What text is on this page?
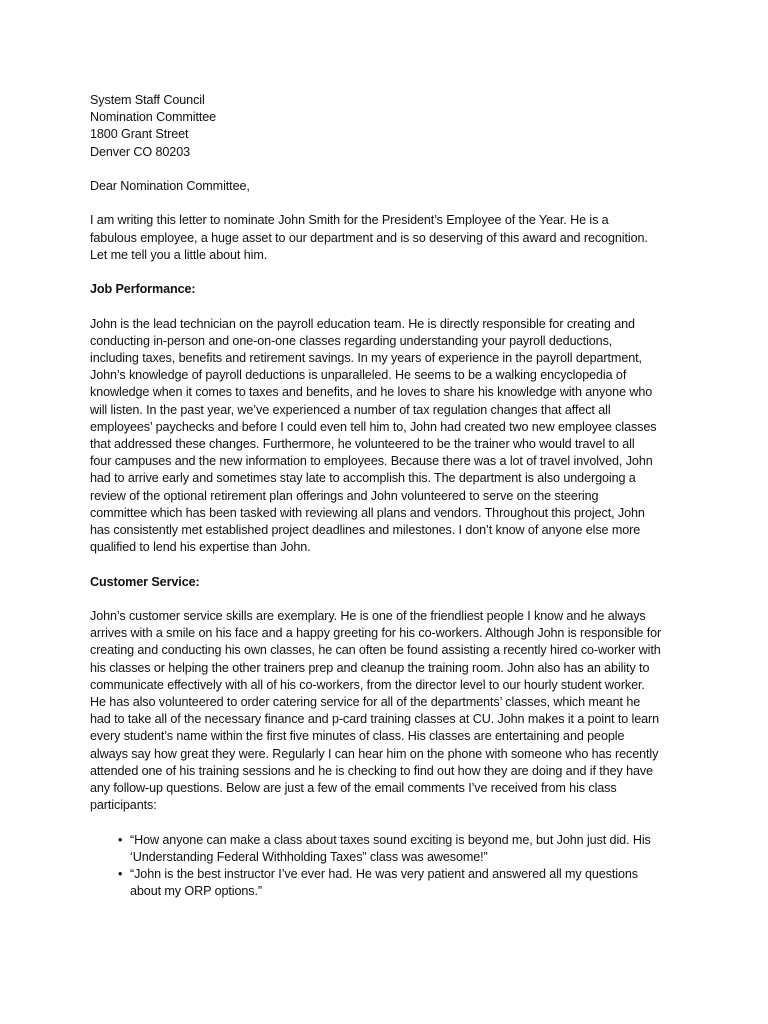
System Staff Council
Nomination Committee
1800 Grant Street
Denver CO 80203
Dear Nomination Committee,
I am writing this letter to nominate John Smith for the President’s Employee of the Year. He is a
fabulous employee, a huge asset to our department and is so deserving of this award and recognition.
Let me tell you a little about him.
Job Performance:
John is the lead technician on the payroll education team. He is directly responsible for creating and
conducting in-person and one-on-one classes regarding understanding your payroll deductions,
including taxes, benefits and retirement savings. In my years of experience in the payroll department,
John’s knowledge of payroll deductions is unparalleled. He seems to be a walking encyclopedia of
knowledge when it comes to taxes and benefits, and he loves to share his knowledge with anyone who
will listen. In the past year, we’ve experienced a number of tax regulation changes that affect all
employees’ paychecks and before I could even tell him to, John had created two new employee classes
that addressed these changes. Furthermore, he volunteered to be the trainer who would travel to all
four campuses and the new information to employees. Because there was a lot of travel involved, John
had to arrive early and sometimes stay late to accomplish this. The department is also undergoing a
review of the optional retirement plan offerings and John volunteered to serve on the steering
committee which has been tasked with reviewing all plans and vendors. Throughout this project, John
has consistently met established project deadlines and milestones. I don’t know of anyone else more
qualified to lend his expertise than John.
Customer Service:
John’s customer service skills are exemplary. He is one of the friendliest people I know and he always
arrives with a smile on his face and a happy greeting for his co-workers. Although John is responsible for
creating and conducting his own classes, he can often be found assisting a recently hired co-worker with
his classes or helping the other trainers prep and cleanup the training room. John also has an ability to
communicate effectively with all of his co-workers, from the director level to our hourly student worker.
He has also volunteered to order catering service for all of the departments’ classes, which meant he
had to take all of the necessary finance and p-card training classes at CU. John makes it a point to learn
every student’s name within the first five minutes of class. His classes are entertaining and people
always say how great they were. Regularly I can hear him on the phone with someone who has recently
attended one of his training sessions and he is checking to find out how they are doing and if they have
any follow-up questions. Below are just a few of the email comments I’ve received from his class
participants:
• “How anyone can make a class about taxes sound exciting is beyond me, but John just did. His
‘Understanding Federal Withholding Taxes” class was awesome!”
• “John is the best instructor I’ve ever had. He was very patient and answered all my questions
about my ORP options.”
